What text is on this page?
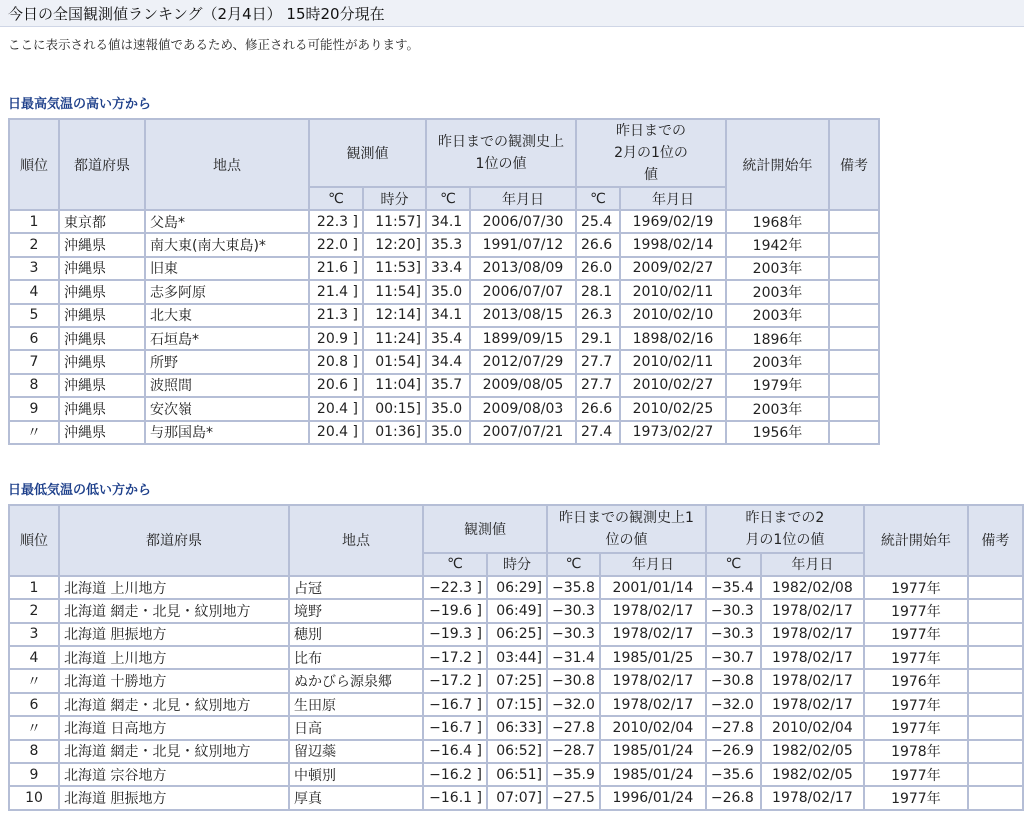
今日の全国観測値ランキング（2月4日） 15時20分現在
ここに表示される値は速報値であるため、修正される可能性があります。
日最高気温の高い方から
順位	都道府県	地点	観測値		昨日までの観測史上1位の値		昨日までの2月の1位の値		統計開始年	備考
			℃	時分	℃	年月日	℃	年月日		
1	東京都	父島*	22.3 ]	11:57]	34.1	2006/07/30	25.4	1969/02/19	1968年	
2	沖縄県	南大東(南大東島)*	22.0 ]	12:20]	35.3	1991/07/12	26.6	1998/02/14	1942年	
3	沖縄県	旧東	21.6 ]	11:53]	33.4	2013/08/09	26.0	2009/02/27	2003年	
4	沖縄県	志多阿原	21.4 ]	11:54]	35.0	2006/07/07	28.1	2010/02/11	2003年	
5	沖縄県	北大東	21.3 ]	12:14]	34.1	2013/08/15	26.3	2010/02/10	2003年	
6	沖縄県	石垣島*	20.9 ]	11:24]	35.4	1899/09/15	29.1	1898/02/16	1896年	
7	沖縄県	所野	20.8 ]	01:54]	34.4	2012/07/29	27.7	2010/02/11	2003年	
8	沖縄県	波照間	20.6 ]	11:04]	35.7	2009/08/05	27.7	2010/02/27	1979年	
9	沖縄県	安次嶺	20.4 ]	00:15]	35.0	2009/08/03	26.6	2010/02/25	2003年	
〃	沖縄県	与那国島*	20.4 ]	01:36]	35.0	2007/07/21	27.4	1973/02/27	1956年	
日最低気温の低い方から
順位	都道府県	地点	観測値		昨日までの観測史上1位の値		昨日までの2月の1位の値		統計開始年	備考
			℃	時分	℃	年月日	℃	年月日		
1	北海道 上川地方	占冠	−22.3 ]	06:29]	−35.8	2001/01/14	−35.4	1982/02/08	1977年	
2	北海道 網走・北見・紋別地方	境野	−19.6 ]	06:49]	−30.3	1978/02/17	−30.3	1978/02/17	1977年	
3	北海道 胆振地方	穂別	−19.3 ]	06:25]	−30.3	1978/02/17	−30.3	1978/02/17	1977年	
4	北海道 上川地方	比布	−17.2 ]	03:44]	−31.4	1985/01/25	−30.7	1978/02/17	1977年	
〃	北海道 十勝地方	ぬかびら源泉郷	−17.2 ]	07:25]	−30.8	1978/02/17	−30.8	1978/02/17	1976年	
6	北海道 網走・北見・紋別地方	生田原	−16.7 ]	07:15]	−32.0	1978/02/17	−32.0	1978/02/17	1977年	
〃	北海道 日高地方	日高	−16.7 ]	06:33]	−27.8	2010/02/04	−27.8	2010/02/04	1977年	
8	北海道 網走・北見・紋別地方	留辺蘂	−16.4 ]	06:52]	−28.7	1985/01/24	−26.9	1982/02/05	1978年	
9	北海道 宗谷地方	中頓別	−16.2 ]	06:51]	−35.9	1985/01/24	−35.6	1982/02/05	1977年	
10	北海道 胆振地方	厚真	−16.1 ]	07:07]	−27.5	1996/01/24	−26.8	1978/02/17	1977年	
